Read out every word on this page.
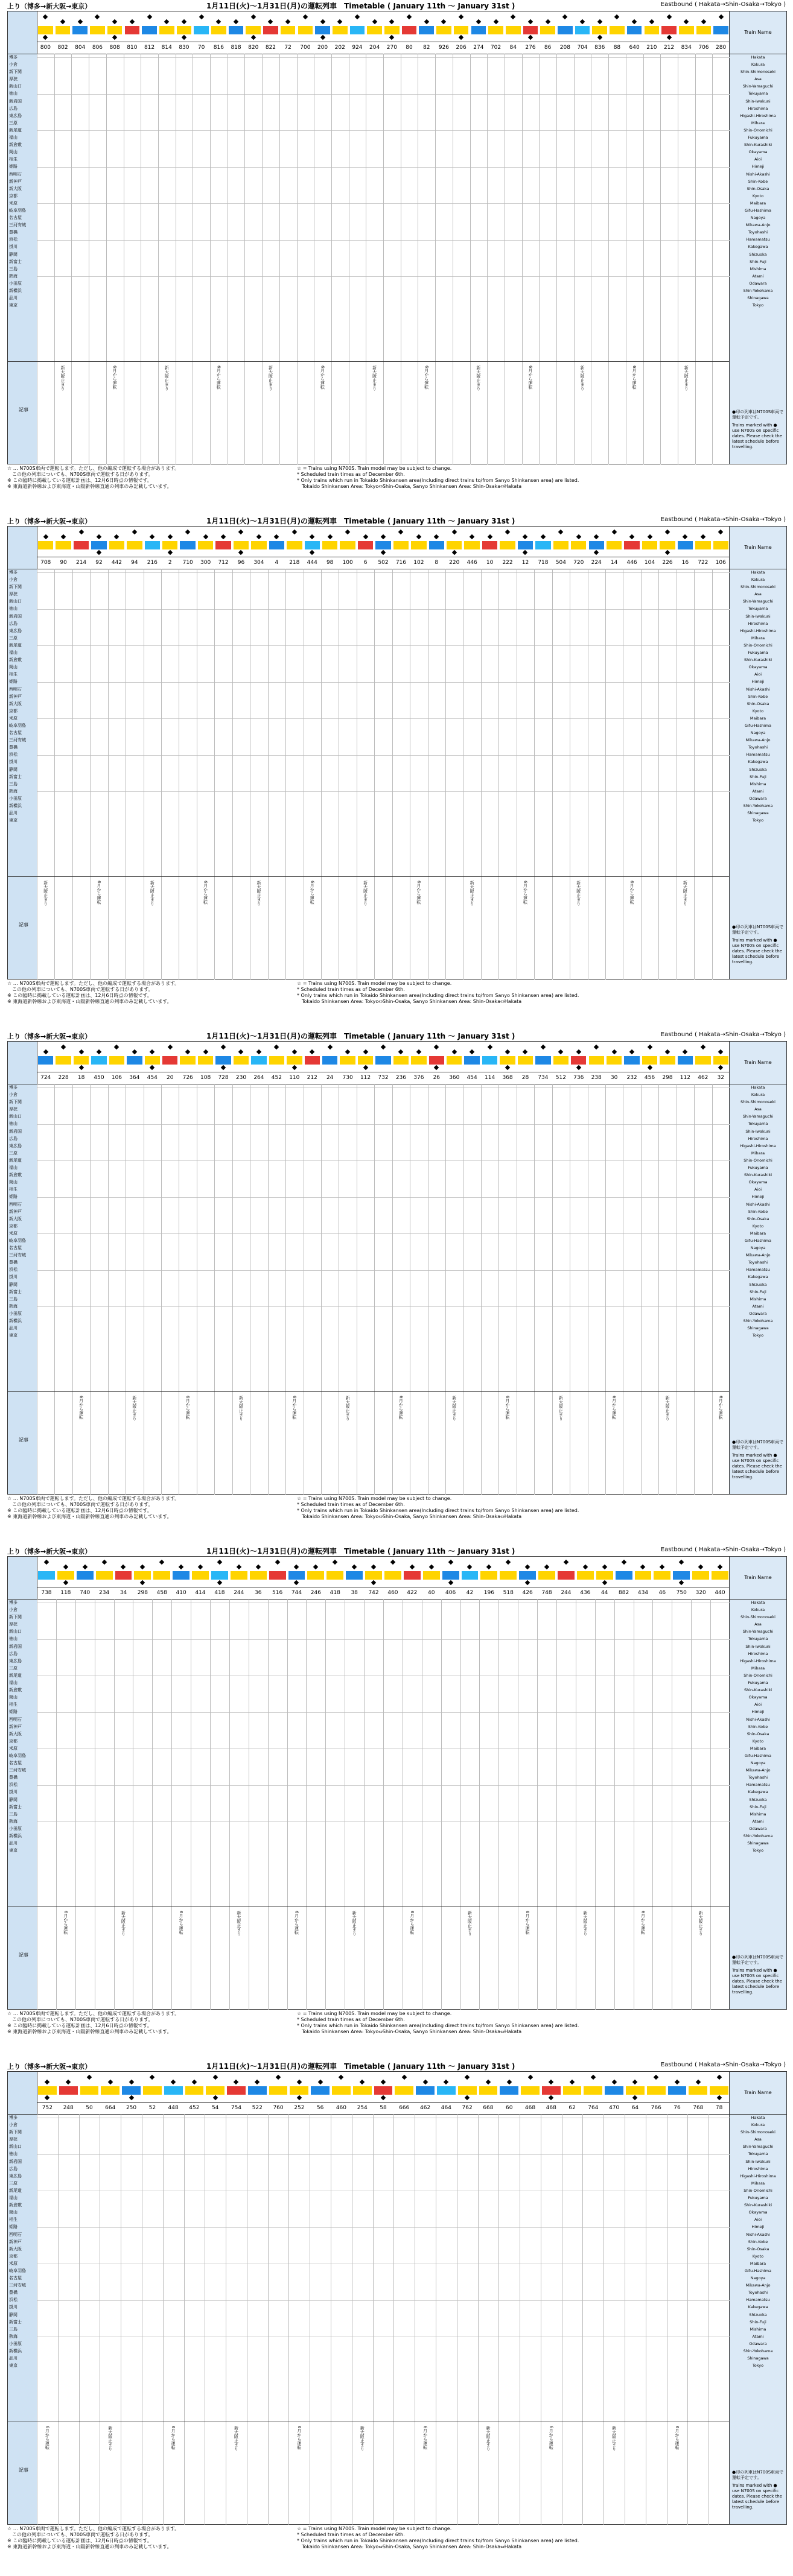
上り（博多→新大阪→東京）	1月11日(火)～1月31日(月)の運転列車　Timetable ( January 11th ～ January 31st )	Eastbound ( Hakata→Shin-Osaka→Tokyo )
博多
小倉
新下関
厚狭
新山口
徳山
新岩国
広島
東広島
三原
新尾道
福山
新倉敷
岡山
相生
姫路
西明石
新神戸
新大阪
京都
米原
岐阜羽島
名古屋
三河安城
豊橋
浜松
掛川
静岡
新富士
三島
熱海
小田原
新横浜
品川
東京
記事
Train Name
Hakata
Kokura
Shin-Shimonoseki
Asa
Shin-Yamaguchi
Tokuyama
Shin-Iwakuni
Hiroshima
Higashi-Hiroshima
Mihara
Shin-Onomichi
Fukuyama
Shin-Kurashiki
Okayama
Aioi
Himeji
Nishi-Akashi
Shin-Kobe
Shin-Osaka
Kyoto
Maibara
Gifu-Hashima
Nagoya
Mikawa-Anjo
Toyohashi
Hamamatsu
Kakegawa
Shizuoka
Shin-Fuji
Mishima
Atami
Odawara
Shin-Yokohama
Shinagawa
Tokyo
●印の列車はN700S車両で運転予定です。
Trains marked with ● use N700S on specific dates. Please check the latest schedule before travelling.
800	802	804	806	808	810	812	814	830	70	816	818	820	822	72	700	200	202	924	204	270	80	82	926	206	274	702	84	276	86	208	704	836	88	640	210	212	834	706	280
新大阪止まり	6月から運転	新大阪止まり	6月から運転	新大阪止まり	6月から運転	新大阪止まり	6月から運転	新大阪止まり	6月から運転	新大阪止まり	6月から運転	新大阪止まり
☆ … N700S車両で運転します。ただし、他の編成で運転する場合があります。
　この他の列車についても、N700S車両で運転する日があります。
※ この臨時に掲載している運転計画は、12月6日時点の情報です。
※ 東海道新幹線および東海道・山陽新幹線直通の列車のみ記載しています。
☆ = Trains using N700S. Train model may be subject to change.
* Scheduled train times as of December 6th.
* Only trains which run in Tokaido Shinkansen area(Including direct trains to/from Sanyo Shinkansen area) are listed.
　Tokaido Shinkansen Area: Tokyo⇔Shin-Osaka, Sanyo Shinkansen Area: Shin-Osaka⇔Hakata
上り（博多→新大阪→東京）	1月11日(火)～1月31日(月)の運転列車　Timetable ( January 11th ～ January 31st )	Eastbound ( Hakata→Shin-Osaka→Tokyo )
博多
小倉
新下関
厚狭
新山口
徳山
新岩国
広島
東広島
三原
新尾道
福山
新倉敷
岡山
相生
姫路
西明石
新神戸
新大阪
京都
米原
岐阜羽島
名古屋
三河安城
豊橋
浜松
掛川
静岡
新富士
三島
熱海
小田原
新横浜
品川
東京
記事
Train Name
Hakata
Kokura
Shin-Shimonoseki
Asa
Shin-Yamaguchi
Tokuyama
Shin-Iwakuni
Hiroshima
Higashi-Hiroshima
Mihara
Shin-Onomichi
Fukuyama
Shin-Kurashiki
Okayama
Aioi
Himeji
Nishi-Akashi
Shin-Kobe
Shin-Osaka
Kyoto
Maibara
Gifu-Hashima
Nagoya
Mikawa-Anjo
Toyohashi
Hamamatsu
Kakegawa
Shizuoka
Shin-Fuji
Mishima
Atami
Odawara
Shin-Yokohama
Shinagawa
Tokyo
●印の列車はN700S車両で運転予定です。
Trains marked with ● use N700S on specific dates. Please check the latest schedule before travelling.
708	90	214	92	442	94	216	2	710	300	712	96	304	4	218	444	98	100	6	502	716	102	8	220	446	10	222	12	718	504	720	224	14	446	104	226	16	722	106
新大阪止まり	6月から運転	新大阪止まり	6月から運転	新大阪止まり	6月から運転	新大阪止まり	6月から運転	新大阪止まり	6月から運転	新大阪止まり	6月から運転	新大阪止まり
☆ … N700S車両で運転します。ただし、他の編成で運転する場合があります。
　この他の列車についても、N700S車両で運転する日があります。
※ この臨時に掲載している運転計画は、12月6日時点の情報です。
※ 東海道新幹線および東海道・山陽新幹線直通の列車のみ記載しています。
☆ = Trains using N700S. Train model may be subject to change.
* Scheduled train times as of December 6th.
* Only trains which run in Tokaido Shinkansen area(Including direct trains to/from Sanyo Shinkansen area) are listed.
　Tokaido Shinkansen Area: Tokyo⇔Shin-Osaka, Sanyo Shinkansen Area: Shin-Osaka⇔Hakata
上り（博多→新大阪→東京）	1月11日(火)～1月31日(月)の運転列車　Timetable ( January 11th ～ January 31st )	Eastbound ( Hakata→Shin-Osaka→Tokyo )
博多
小倉
新下関
厚狭
新山口
徳山
新岩国
広島
東広島
三原
新尾道
福山
新倉敷
岡山
相生
姫路
西明石
新神戸
新大阪
京都
米原
岐阜羽島
名古屋
三河安城
豊橋
浜松
掛川
静岡
新富士
三島
熱海
小田原
新横浜
品川
東京
記事
Train Name
Hakata
Kokura
Shin-Shimonoseki
Asa
Shin-Yamaguchi
Tokuyama
Shin-Iwakuni
Hiroshima
Higashi-Hiroshima
Mihara
Shin-Onomichi
Fukuyama
Shin-Kurashiki
Okayama
Aioi
Himeji
Nishi-Akashi
Shin-Kobe
Shin-Osaka
Kyoto
Maibara
Gifu-Hashima
Nagoya
Mikawa-Anjo
Toyohashi
Hamamatsu
Kakegawa
Shizuoka
Shin-Fuji
Mishima
Atami
Odawara
Shin-Yokohama
Shinagawa
Tokyo
●印の列車はN700S車両で運転予定です。
Trains marked with ● use N700S on specific dates. Please check the latest schedule before travelling.
724	228	18	450	106	364	454	20	726	108	728	230	264	452	110	212	24	730	112	732	236	376	26	360	454	114	368	28	734	512	736	238	30	232	456	298	112	462	32
6月から運転	新大阪止まり	6月から運転	新大阪止まり	6月から運転	新大阪止まり	6月から運転	新大阪止まり	6月から運転	新大阪止まり	6月から運転	新大阪止まり	6月から運転
☆ … N700S車両で運転します。ただし、他の編成で運転する場合があります。
　この他の列車についても、N700S車両で運転する日があります。
※ この臨時に掲載している運転計画は、12月6日時点の情報です。
※ 東海道新幹線および東海道・山陽新幹線直通の列車のみ記載しています。
☆ = Trains using N700S. Train model may be subject to change.
* Scheduled train times as of December 6th.
* Only trains which run in Tokaido Shinkansen area(Including direct trains to/from Sanyo Shinkansen area) are listed.
　Tokaido Shinkansen Area: Tokyo⇔Shin-Osaka, Sanyo Shinkansen Area: Shin-Osaka⇔Hakata
上り（博多→新大阪→東京）	1月11日(火)～1月31日(月)の運転列車　Timetable ( January 11th ～ January 31st )	Eastbound ( Hakata→Shin-Osaka→Tokyo )
博多
小倉
新下関
厚狭
新山口
徳山
新岩国
広島
東広島
三原
新尾道
福山
新倉敷
岡山
相生
姫路
西明石
新神戸
新大阪
京都
米原
岐阜羽島
名古屋
三河安城
豊橋
浜松
掛川
静岡
新富士
三島
熱海
小田原
新横浜
品川
東京
記事
Train Name
Hakata
Kokura
Shin-Shimonoseki
Asa
Shin-Yamaguchi
Tokuyama
Shin-Iwakuni
Hiroshima
Higashi-Hiroshima
Mihara
Shin-Onomichi
Fukuyama
Shin-Kurashiki
Okayama
Aioi
Himeji
Nishi-Akashi
Shin-Kobe
Shin-Osaka
Kyoto
Maibara
Gifu-Hashima
Nagoya
Mikawa-Anjo
Toyohashi
Hamamatsu
Kakegawa
Shizuoka
Shin-Fuji
Mishima
Atami
Odawara
Shin-Yokohama
Shinagawa
Tokyo
●印の列車はN700S車両で運転予定です。
Trains marked with ● use N700S on specific dates. Please check the latest schedule before travelling.
738	118	740	234	34	298	458	410	414	418	244	36	516	744	246	418	38	742	460	422	40	406	42	196	518	426	748	244	436	44	882	434	46	750	320	440
6月から運転	新大阪止まり	6月から運転	新大阪止まり	6月から運転	新大阪止まり	6月から運転	新大阪止まり	6月から運転	新大阪止まり	6月から運転	新大阪止まり
☆ … N700S車両で運転します。ただし、他の編成で運転する場合があります。
　この他の列車についても、N700S車両で運転する日があります。
※ この臨時に掲載している運転計画は、12月6日時点の情報です。
※ 東海道新幹線および東海道・山陽新幹線直通の列車のみ記載しています。
☆ = Trains using N700S. Train model may be subject to change.
* Scheduled train times as of December 6th.
* Only trains which run in Tokaido Shinkansen area(Including direct trains to/from Sanyo Shinkansen area) are listed.
　Tokaido Shinkansen Area: Tokyo⇔Shin-Osaka, Sanyo Shinkansen Area: Shin-Osaka⇔Hakata
上り（博多→新大阪→東京）	1月11日(火)～1月31日(月)の運転列車　Timetable ( January 11th ～ January 31st )	Eastbound ( Hakata→Shin-Osaka→Tokyo )
博多
小倉
新下関
厚狭
新山口
徳山
新岩国
広島
東広島
三原
新尾道
福山
新倉敷
岡山
相生
姫路
西明石
新神戸
新大阪
京都
米原
岐阜羽島
名古屋
三河安城
豊橋
浜松
掛川
静岡
新富士
三島
熱海
小田原
新横浜
品川
東京
記事
Train Name
Hakata
Kokura
Shin-Shimonoseki
Asa
Shin-Yamaguchi
Tokuyama
Shin-Iwakuni
Hiroshima
Higashi-Hiroshima
Mihara
Shin-Onomichi
Fukuyama
Shin-Kurashiki
Okayama
Aioi
Himeji
Nishi-Akashi
Shin-Kobe
Shin-Osaka
Kyoto
Maibara
Gifu-Hashima
Nagoya
Mikawa-Anjo
Toyohashi
Hamamatsu
Kakegawa
Shizuoka
Shin-Fuji
Mishima
Atami
Odawara
Shin-Yokohama
Shinagawa
Tokyo
●印の列車はN700S車両で運転予定です。
Trains marked with ● use N700S on specific dates. Please check the latest schedule before travelling.
752	248	50	664	250	52	448	452	54	754	522	760	252	56	460	254	58	666	462	464	762	668	60	468	468	62	764	470	64	766	76	768	78
6月から運転	新大阪止まり	6月から運転	新大阪止まり	6月から運転	新大阪止まり	6月から運転	新大阪止まり	6月から運転	新大阪止まり	6月から運転
☆ … N700S車両で運転します。ただし、他の編成で運転する場合があります。
　この他の列車についても、N700S車両で運転する日があります。
※ この臨時に掲載している運転計画は、12月6日時点の情報です。
※ 東海道新幹線および東海道・山陽新幹線直通の列車のみ記載しています。
☆ = Trains using N700S. Train model may be subject to change.
* Scheduled train times as of December 6th.
* Only trains which run in Tokaido Shinkansen area(Including direct trains to/from Sanyo Shinkansen area) are listed.
　Tokaido Shinkansen Area: Tokyo⇔Shin-Osaka, Sanyo Shinkansen Area: Shin-Osaka⇔Hakata
